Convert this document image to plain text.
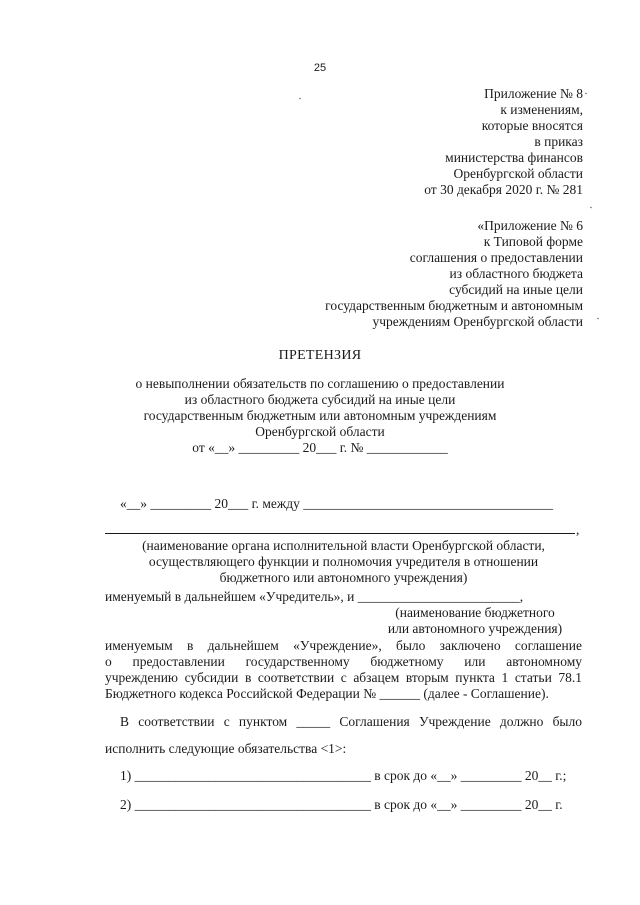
25
Приложение № 8
к изменениям,
которые вносятся
в приказ
министерства финансов
Оренбургской области
от 30 декабря 2020 г. № 281
«Приложение № 6
к Типовой форме
соглашения о предоставлении
из областного бюджета
субсидий на иные цели
государственным бюджетным и автономным
учреждениям Оренбургской области
ПРЕТЕНЗИЯ
о невыполнении обязательств по соглашению о предоставлении
из областного бюджета субсидий на иные цели
государственным бюджетным или автономным учреждениям
Оренбургской области
от «__» _________ 20___ г. № ____________
«__» _________ 20___ г. между _____________________________________
,
(наименование органа исполнительной власти Оренбургской области,
осуществляющего функции и полномочия учредителя в отношении
бюджетного или автономного учреждения)
именуемый в дальнейшем «Учредитель», и ________________________,
(наименование бюджетного
или автономного учреждения)
именуемым в дальнейшем «Учреждение», было заключено соглашение
о предоставлении государственному бюджетному или автономному
учреждению субсидии в соответствии с абзацем вторым пункта 1 статьи 78.1
Бюджетного кодекса Российской Федерации № ______ (далее - Соглашение).
В соответствии с пунктом _____ Соглашения Учреждение должно было
исполнить следующие обязательства <1>:
1) ___________________________________ в срок до «__» _________ 20__ г.;
2) ___________________________________ в срок до «__» _________ 20__ г.
